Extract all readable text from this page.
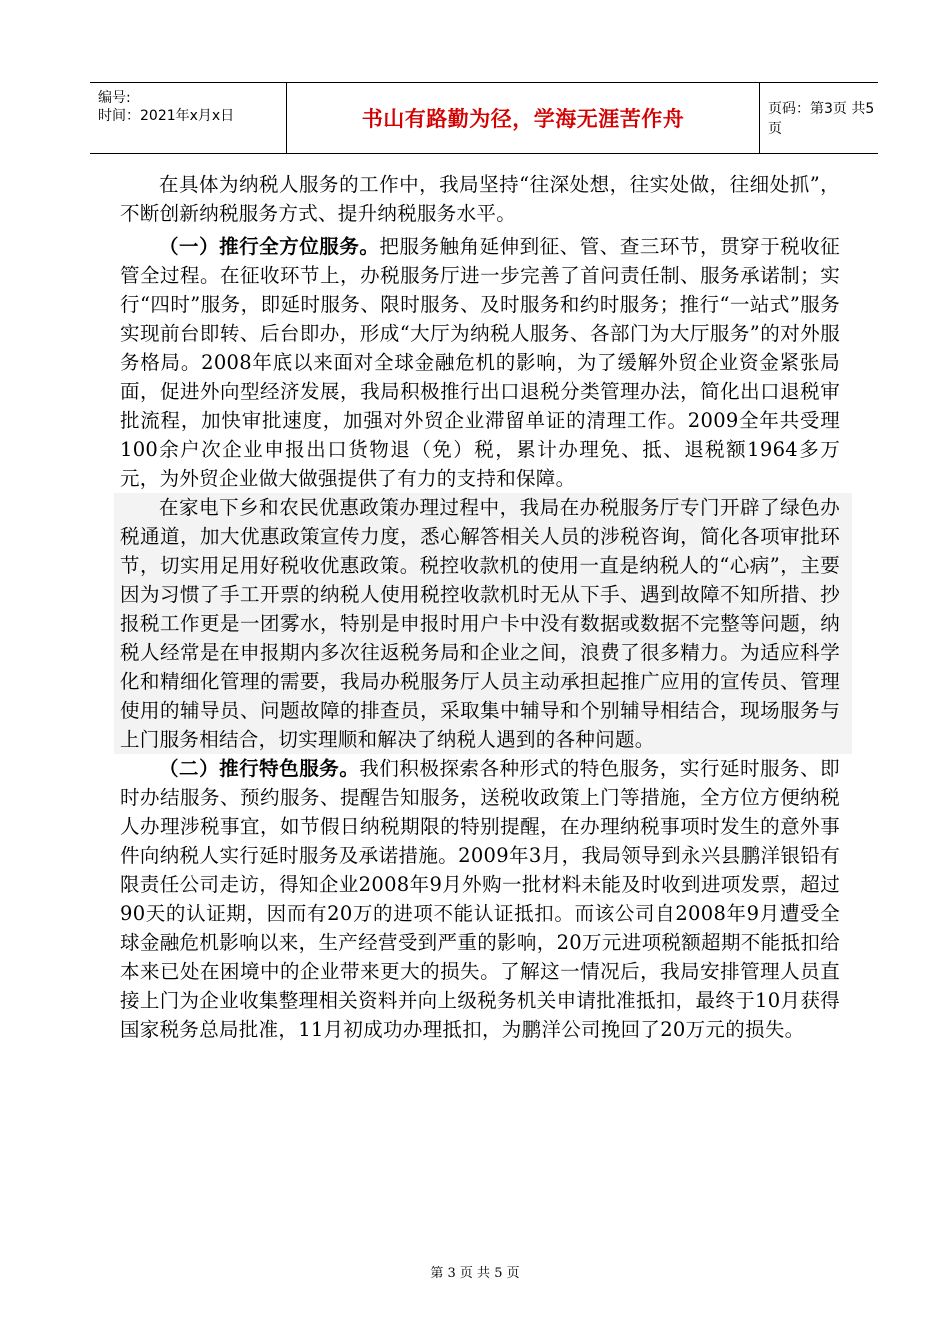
编号:
时间：2021年x月x日	书山有路勤为径，学海无涯苦作舟	页码：第3页 共5页

在具体为纳税人服务的工作中，我局坚持“往深处想，往实处做，往细处抓”，不断创新纳税服务方式、提升纳税服务水平。

（一）推行全方位服务。把服务触角延伸到征、管、查三环节，贯穿于税收征管全过程。在征收环节上，办税服务厅进一步完善了首问责任制、服务承诺制；实行“四时”服务，即延时服务、限时服务、及时服务和约时服务；推行“一站式”服务实现前台即转、后台即办，形成“大厅为纳税人服务、各部门为大厅服务”的对外服务格局。2008年底以来面对全球金融危机的影响，为了缓解外贸企业资金紧张局面，促进外向型经济发展，我局积极推行出口退税分类管理办法，简化出口退税审批流程，加快审批速度，加强对外贸企业滞留单证的清理工作。2009全年共受理100余户次企业申报出口货物退（免）税，累计办理免、抵、退税额1964多万元，为外贸企业做大做强提供了有力的支持和保障。

在家电下乡和农民优惠政策办理过程中，我局在办税服务厅专门开辟了绿色办税通道，加大优惠政策宣传力度，悉心解答相关人员的涉税咨询，简化各项审批环节，切实用足用好税收优惠政策。税控收款机的使用一直是纳税人的“心病”，主要因为习惯了手工开票的纳税人使用税控收款机时无从下手、遇到故障不知所措、抄报税工作更是一团雾水，特别是申报时用户卡中没有数据或数据不完整等问题，纳税人经常是在申报期内多次往返税务局和企业之间，浪费了很多精力。为适应科学化和精细化管理的需要，我局办税服务厅人员主动承担起推广应用的宣传员、管理使用的辅导员、问题故障的排查员，采取集中辅导和个别辅导相结合，现场服务与上门服务相结合，切实理顺和解决了纳税人遇到的各种问题。

（二）推行特色服务。我们积极探索各种形式的特色服务，实行延时服务、即时办结服务、预约服务、提醒告知服务，送税收政策上门等措施，全方位方便纳税人办理涉税事宜，如节假日纳税期限的特别提醒，在办理纳税事项时发生的意外事件向纳税人实行延时服务及承诺措施。2009年3月，我局领导到永兴县鹏洋银铅有限责任公司走访，得知企业2008年9月外购一批材料未能及时收到进项发票，超过90天的认证期，因而有20万的进项不能认证抵扣。而该公司自2008年9月遭受全球金融危机影响以来，生产经营受到严重的影响，20万元进项税额超期不能抵扣给本来已处在困境中的企业带来更大的损失。了解这一情况后，我局安排管理人员直接上门为企业收集整理相关资料并向上级税务机关申请批准抵扣，最终于10月获得国家税务总局批准，11月初成功办理抵扣，为鹏洋公司挽回了20万元的损失。

第 3 页 共 5 页
